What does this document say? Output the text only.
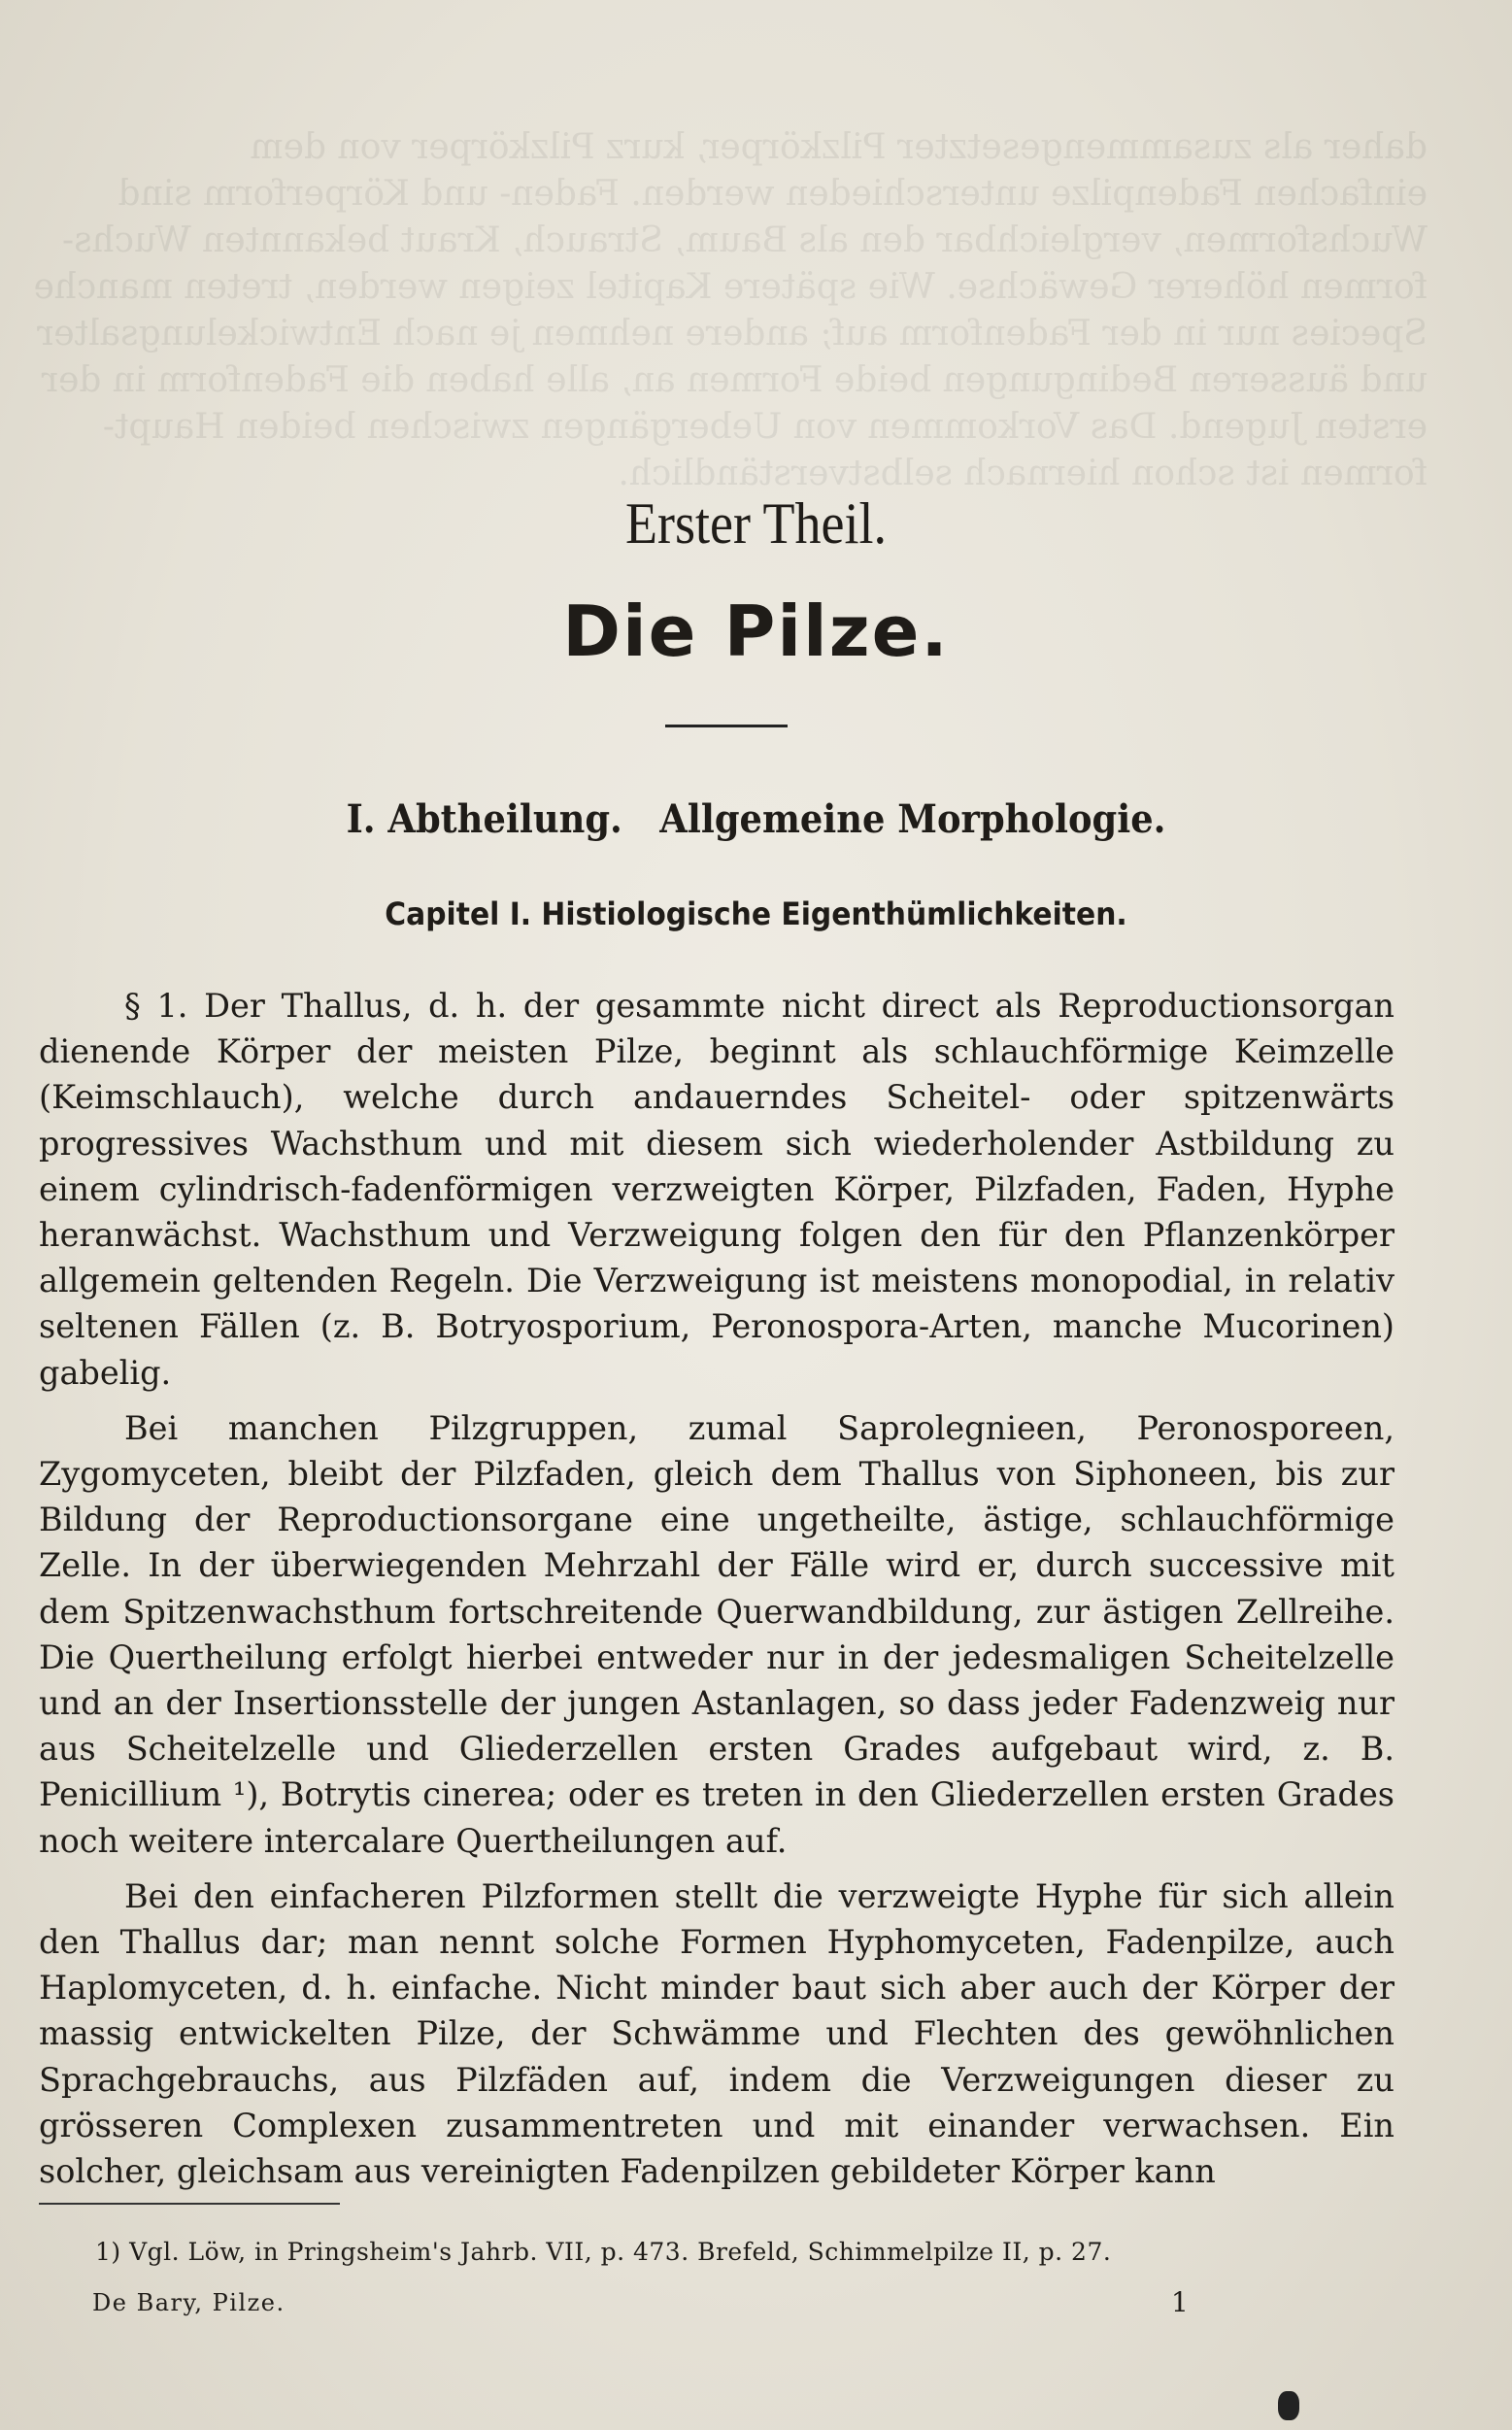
daher als zusammengesetzter Pilzkörper, kurz Pilzkörper von dem
einfachen Fadenpilze unterschieden werden. Faden- und Körperform sind
Wuchsformen, vergleichbar den als Baum, Strauch, Kraut bekannten Wuchs-
formen höherer Gewächse. Wie spätere Kapitel zeigen werden, treten manche
Species nur in der Fadenform auf; andere nehmen je nach Entwickelungsalter
und äusseren Bedingungen beide Formen an, alle haben die Fadenform in der
ersten Jugend. Das Vorkommen von Uebergängen zwischen beiden Haupt-
formen ist schon hiernach selbstverständlich.

Erster Theil.
Die Pilze.
I. Abtheilung.   Allgemeine Morphologie.
Capitel I. Histiologische Eigenthümlichkeiten.

§ 1. Der Thallus, d. h. der gesammte nicht direct als Reproductionsorgan dienende Körper der meisten Pilze, beginnt als schlauchförmige Keimzelle (Keimschlauch), welche durch andauerndes Scheitel- oder spitzenwärts progressives Wachsthum und mit diesem sich wiederholender Astbildung zu einem cylindrisch-fadenförmigen verzweigten Körper, Pilzfaden, Faden, Hyphe heranwächst. Wachsthum und Verzweigung folgen den für den Pflanzenkörper allgemein geltenden Regeln. Die Verzweigung ist meistens monopodial, in relativ seltenen Fällen (z. B. Botryosporium, Peronospora-Arten, manche Mucorinen) gabelig.

Bei manchen Pilzgruppen, zumal Saprolegnieen, Peronosporeen, Zygomyceten, bleibt der Pilzfaden, gleich dem Thallus von Siphoneen, bis zur Bildung der Reproductionsorgane eine ungetheilte, ästige, schlauchförmige Zelle. In der überwiegenden Mehrzahl der Fälle wird er, durch successive mit dem Spitzenwachsthum fortschreitende Querwandbildung, zur ästigen Zellreihe. Die Quertheilung erfolgt hierbei entweder nur in der jedesmaligen Scheitelzelle und an der Insertionsstelle der jungen Astanlagen, so dass jeder Fadenzweig nur aus Scheitelzelle und Gliederzellen ersten Grades aufgebaut wird, z. B. Penicillium ¹), Botrytis cinerea; oder es treten in den Gliederzellen ersten Grades noch weitere intercalare Quertheilungen auf.

Bei den einfacheren Pilzformen stellt die verzweigte Hyphe für sich allein den Thallus dar; man nennt solche Formen Hyphomyceten, Fadenpilze, auch Haplomyceten, d. h. einfache. Nicht minder baut sich aber auch der Körper der massig entwickelten Pilze, der Schwämme und Flechten des gewöhnlichen Sprachgebrauchs, aus Pilzfäden auf, indem die Verzweigungen dieser zu grösseren Complexen zusammentreten und mit einander verwachsen. Ein solcher, gleichsam aus vereinigten Fadenpilzen gebildeter Körper kann

1) Vgl. Löw, in Pringsheim's Jahrb. VII, p. 473. Brefeld, Schimmelpilze II, p. 27.
De Bary, Pilze.	1
